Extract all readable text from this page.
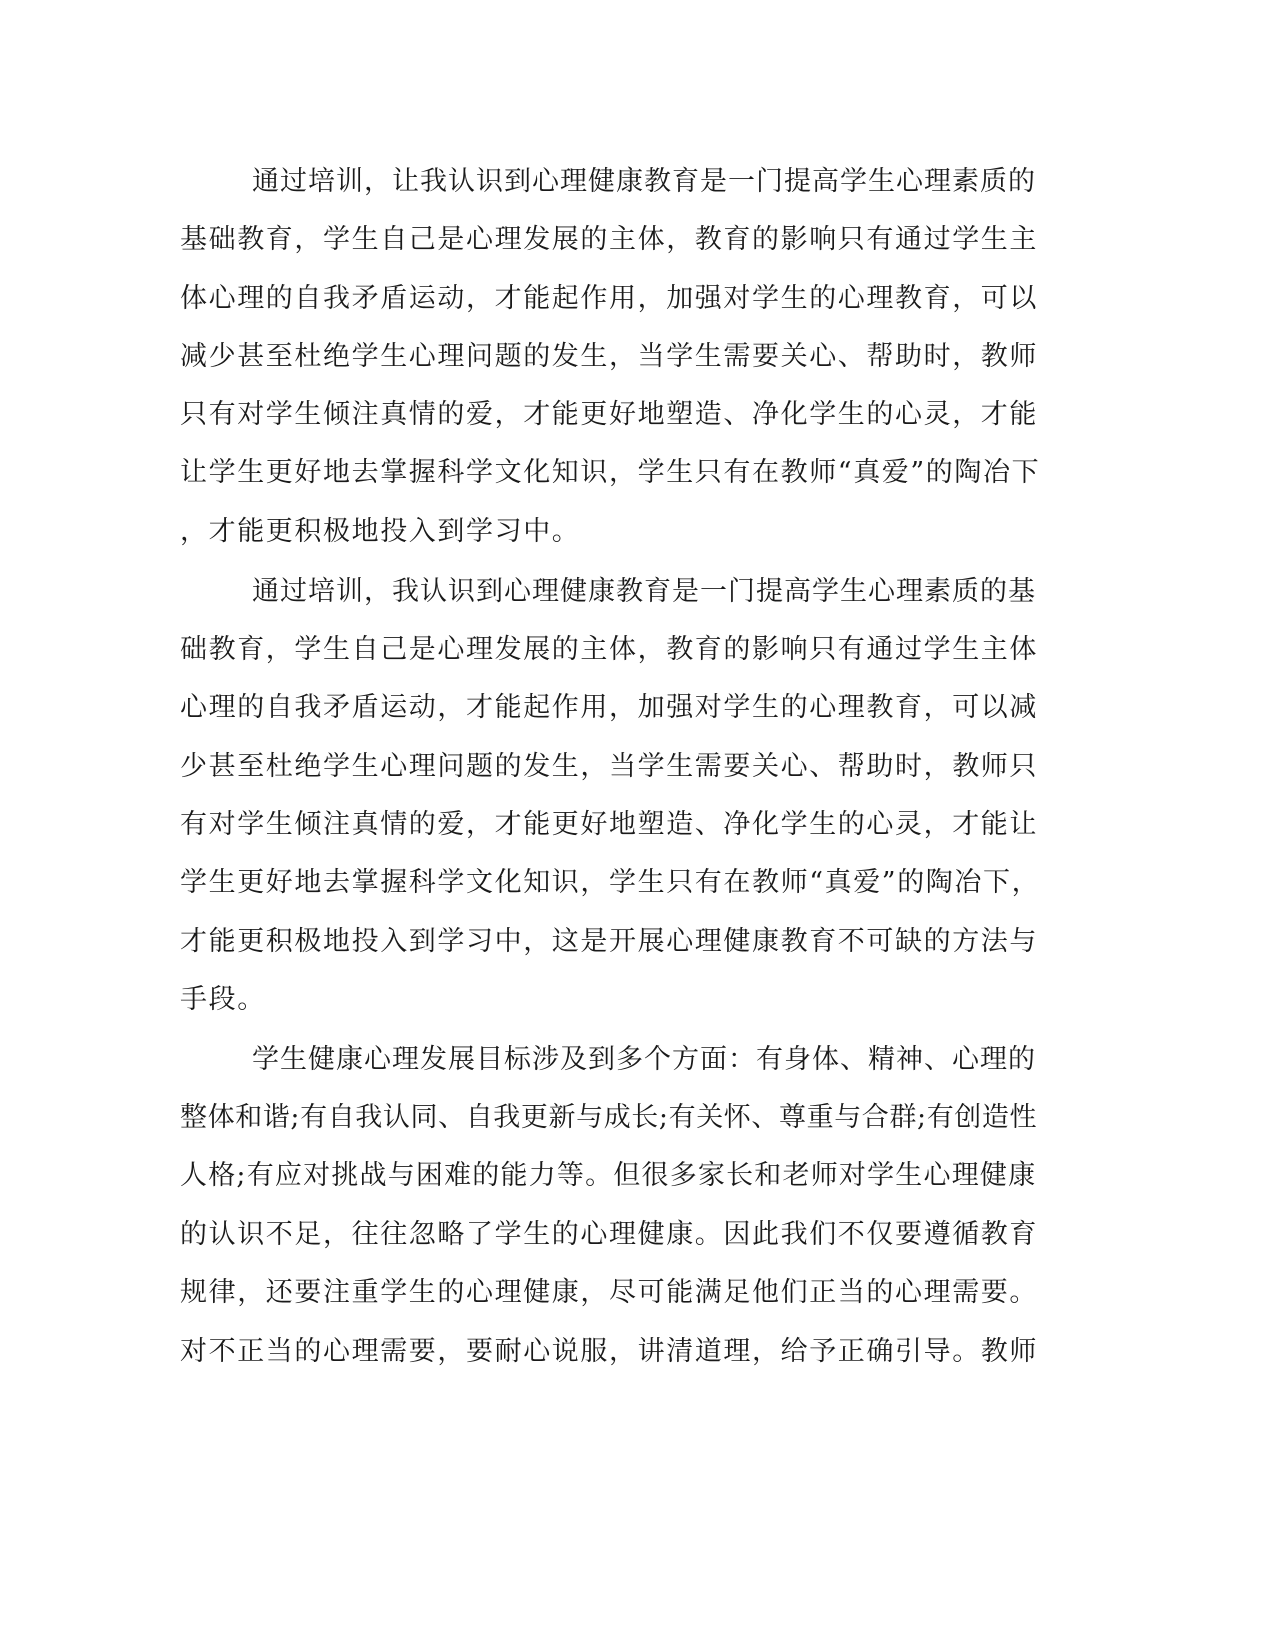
通过培训，让我认识到心理健康教育是一门提高学生心理素质的
基础教育，学生自己是心理发展的主体，教育的影响只有通过学生主
体心理的自我矛盾运动，才能起作用，加强对学生的心理教育，可以
减少甚至杜绝学生心理问题的发生，当学生需要关心、帮助时，教师
只有对学生倾注真情的爱，才能更好地塑造、净化学生的心灵，才能
让学生更好地去掌握科学文化知识，学生只有在教师“真爱”的陶冶下
，才能更积极地投入到学习中。
通过培训，我认识到心理健康教育是一门提高学生心理素质的基
础教育，学生自己是心理发展的主体，教育的影响只有通过学生主体
心理的自我矛盾运动，才能起作用，加强对学生的心理教育，可以减
少甚至杜绝学生心理问题的发生，当学生需要关心、帮助时，教师只
有对学生倾注真情的爱，才能更好地塑造、净化学生的心灵，才能让
学生更好地去掌握科学文化知识，学生只有在教师“真爱”的陶冶下，
才能更积极地投入到学习中，这是开展心理健康教育不可缺的方法与
手段。
学生健康心理发展目标涉及到多个方面：有身体、精神、心理的
整体和谐;有自我认同、自我更新与成长;有关怀、尊重与合群;有创造性
人格;有应对挑战与困难的能力等。但很多家长和老师对学生心理健康
的认识不足，往往忽略了学生的心理健康。因此我们不仅要遵循教育
规律，还要注重学生的心理健康，尽可能满足他们正当的心理需要。
对不正当的心理需要，要耐心说服，讲清道理，给予正确引导。教师
